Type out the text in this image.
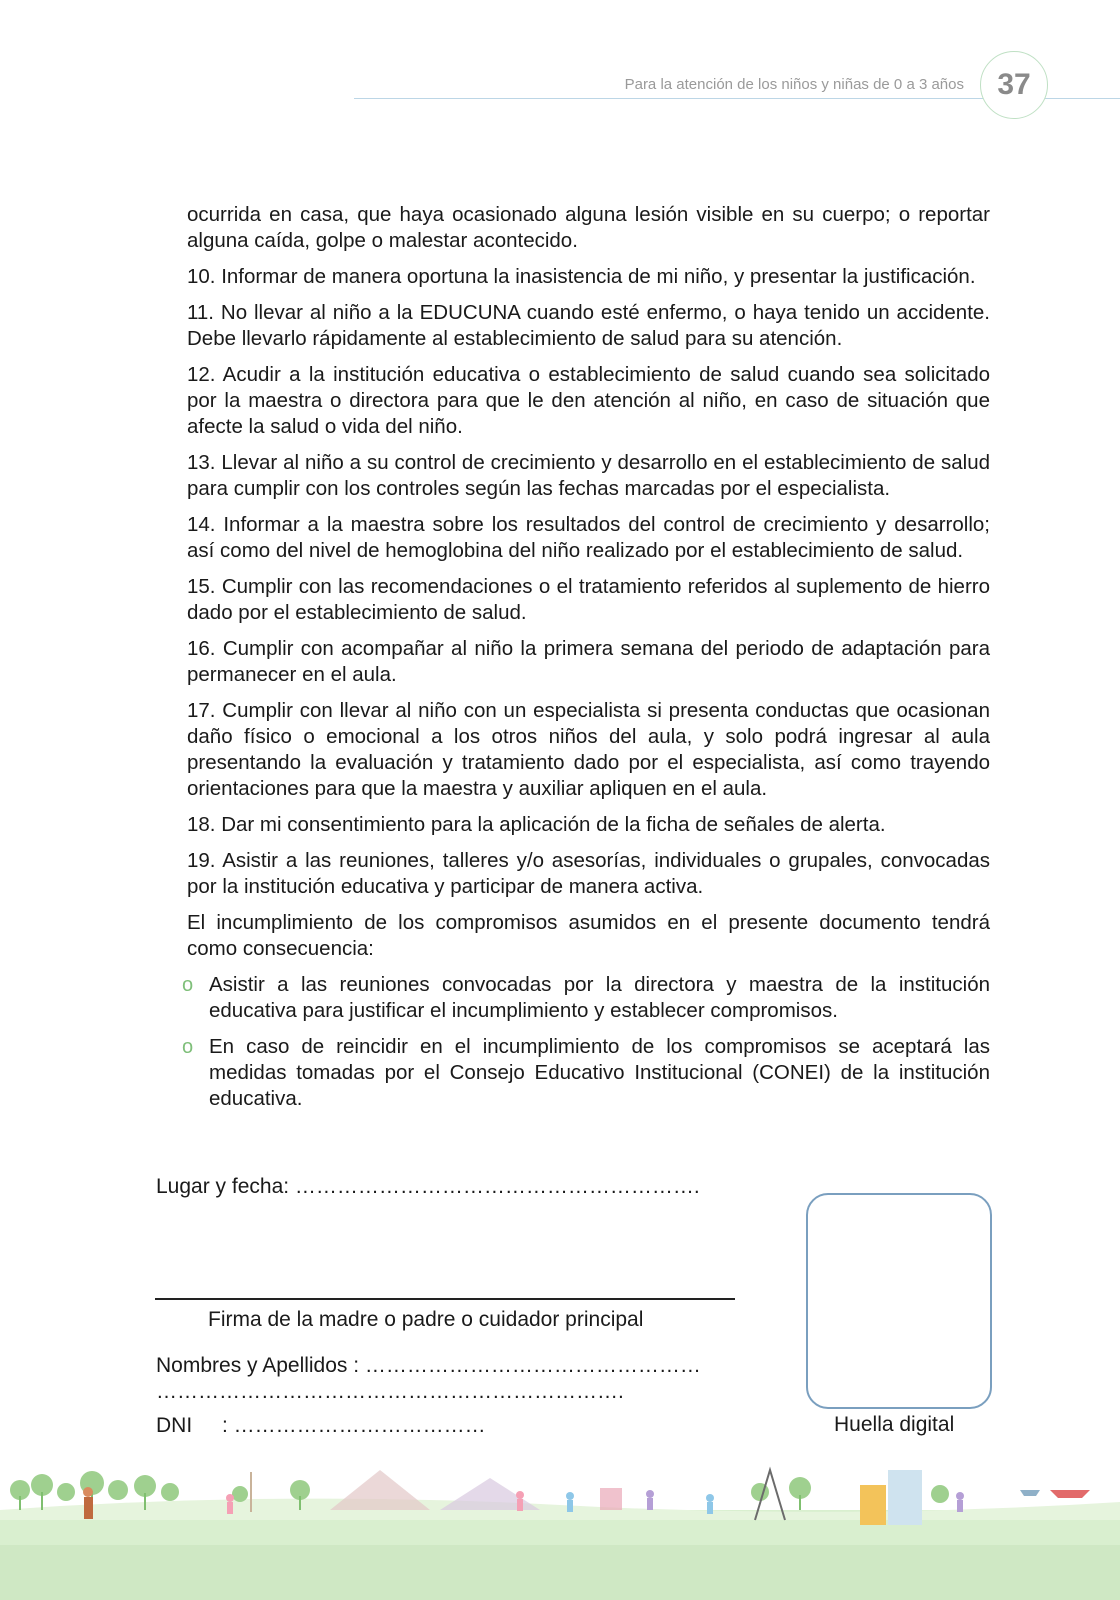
Para la atención de los niños y niñas de 0 a 3 años	37

ocurrida en casa, que haya ocasionado alguna lesión visible en su cuerpo; o reportar alguna caída, golpe o malestar acontecido.

10. Informar de manera oportuna la inasistencia de mi niño, y presentar la justificación.

11. No llevar al niño a la EDUCUNA cuando esté enfermo, o haya tenido un accidente. Debe llevarlo rápidamente al establecimiento de salud para su atención.

12. Acudir a la institución educativa o establecimiento de salud cuando sea solicitado por la maestra o directora para que le den atención al niño, en caso de situación que afecte la salud o vida del niño.

13. Llevar al niño a su control de crecimiento y desarrollo en el establecimiento de salud para cumplir con los controles según las fechas marcadas por el especialista.

14. Informar a la maestra sobre los resultados del control de crecimiento y desarrollo; así como del nivel de hemoglobina del niño realizado por el establecimiento de salud.

15. Cumplir con las recomendaciones o el tratamiento referidos al suplemento de hierro dado por el establecimiento de salud.

16. Cumplir con acompañar al niño la primera semana del periodo de adaptación para permanecer en el aula.

17. Cumplir con llevar al niño con un especialista si presenta conductas que ocasionan daño físico o emocional a los otros niños del aula, y solo podrá ingresar al aula presentando la evaluación y tratamiento dado por el especialista, así como trayendo orientaciones para que la maestra y auxiliar apliquen en el aula.

18. Dar mi consentimiento para la aplicación de la ficha de señales de alerta.

19. Asistir a las reuniones, talleres y/o asesorías, individuales o grupales, convocadas por la institución educativa y participar de manera activa.

El incumplimiento de los compromisos asumidos en el presente documento tendrá como consecuencia:

o Asistir a las reuniones convocadas por la directora y maestra de la institución educativa para justificar el incumplimiento y establecer compromisos.
o En caso de reincidir en el incumplimiento de los compromisos se aceptará las medidas tomadas por el Consejo Educativo Institucional (CONEI) de la institución educativa.
Lugar y fecha: ………………………………………………….
Firma de la madre o padre o cuidador principal
Nombres y Apellidos : …………………………………………
………………………………………………………….
DNI : ………………………………	Huella digital
